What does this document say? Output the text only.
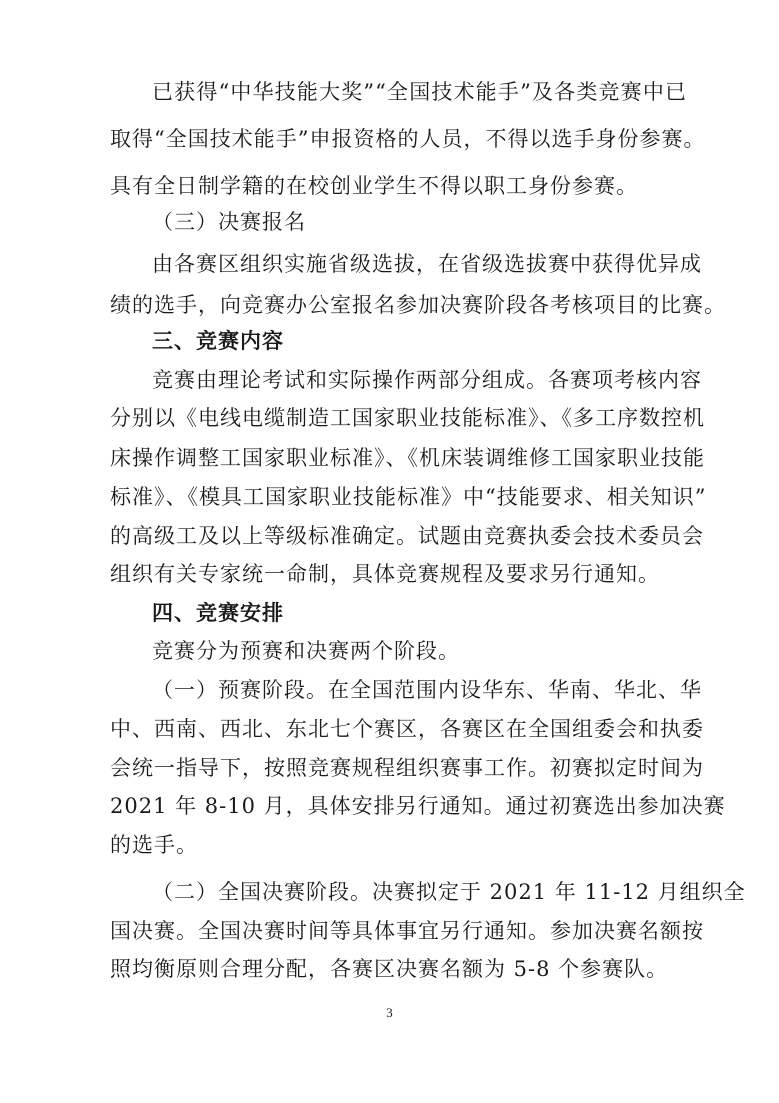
已获得“中华技能大奖”“全国技术能手”及各类竞赛中已
取得“全国技术能手”申报资格的人员，不得以选手身份参赛。
具有全日制学籍的在校创业学生不得以职工身份参赛。
（三）决赛报名
由各赛区组织实施省级选拔，在省级选拔赛中获得优异成
绩的选手，向竞赛办公室报名参加决赛阶段各考核项目的比赛。
三、竞赛内容
竞赛由理论考试和实际操作两部分组成。各赛项考核内容
分别以《电线电缆制造工国家职业技能标准》、《多工序数控机
床操作调整工国家职业标准》、《机床装调维修工国家职业技能
标准》、《模具工国家职业技能标准》中“技能要求、相关知识”
的高级工及以上等级标准确定。试题由竞赛执委会技术委员会
组织有关专家统一命制，具体竞赛规程及要求另行通知。
四、竞赛安排
竞赛分为预赛和决赛两个阶段。
（一）预赛阶段。在全国范围内设华东、华南、华北、华
中、西南、西北、东北七个赛区，各赛区在全国组委会和执委
会统一指导下，按照竞赛规程组织赛事工作。初赛拟定时间为
2021 年 8-10 月，具体安排另行通知。通过初赛选出参加决赛
的选手。
（二）全国决赛阶段。决赛拟定于 2021 年 11-12 月组织全
国决赛。全国决赛时间等具体事宜另行通知。参加决赛名额按
照均衡原则合理分配，各赛区决赛名额为 5-8 个参赛队。
3
